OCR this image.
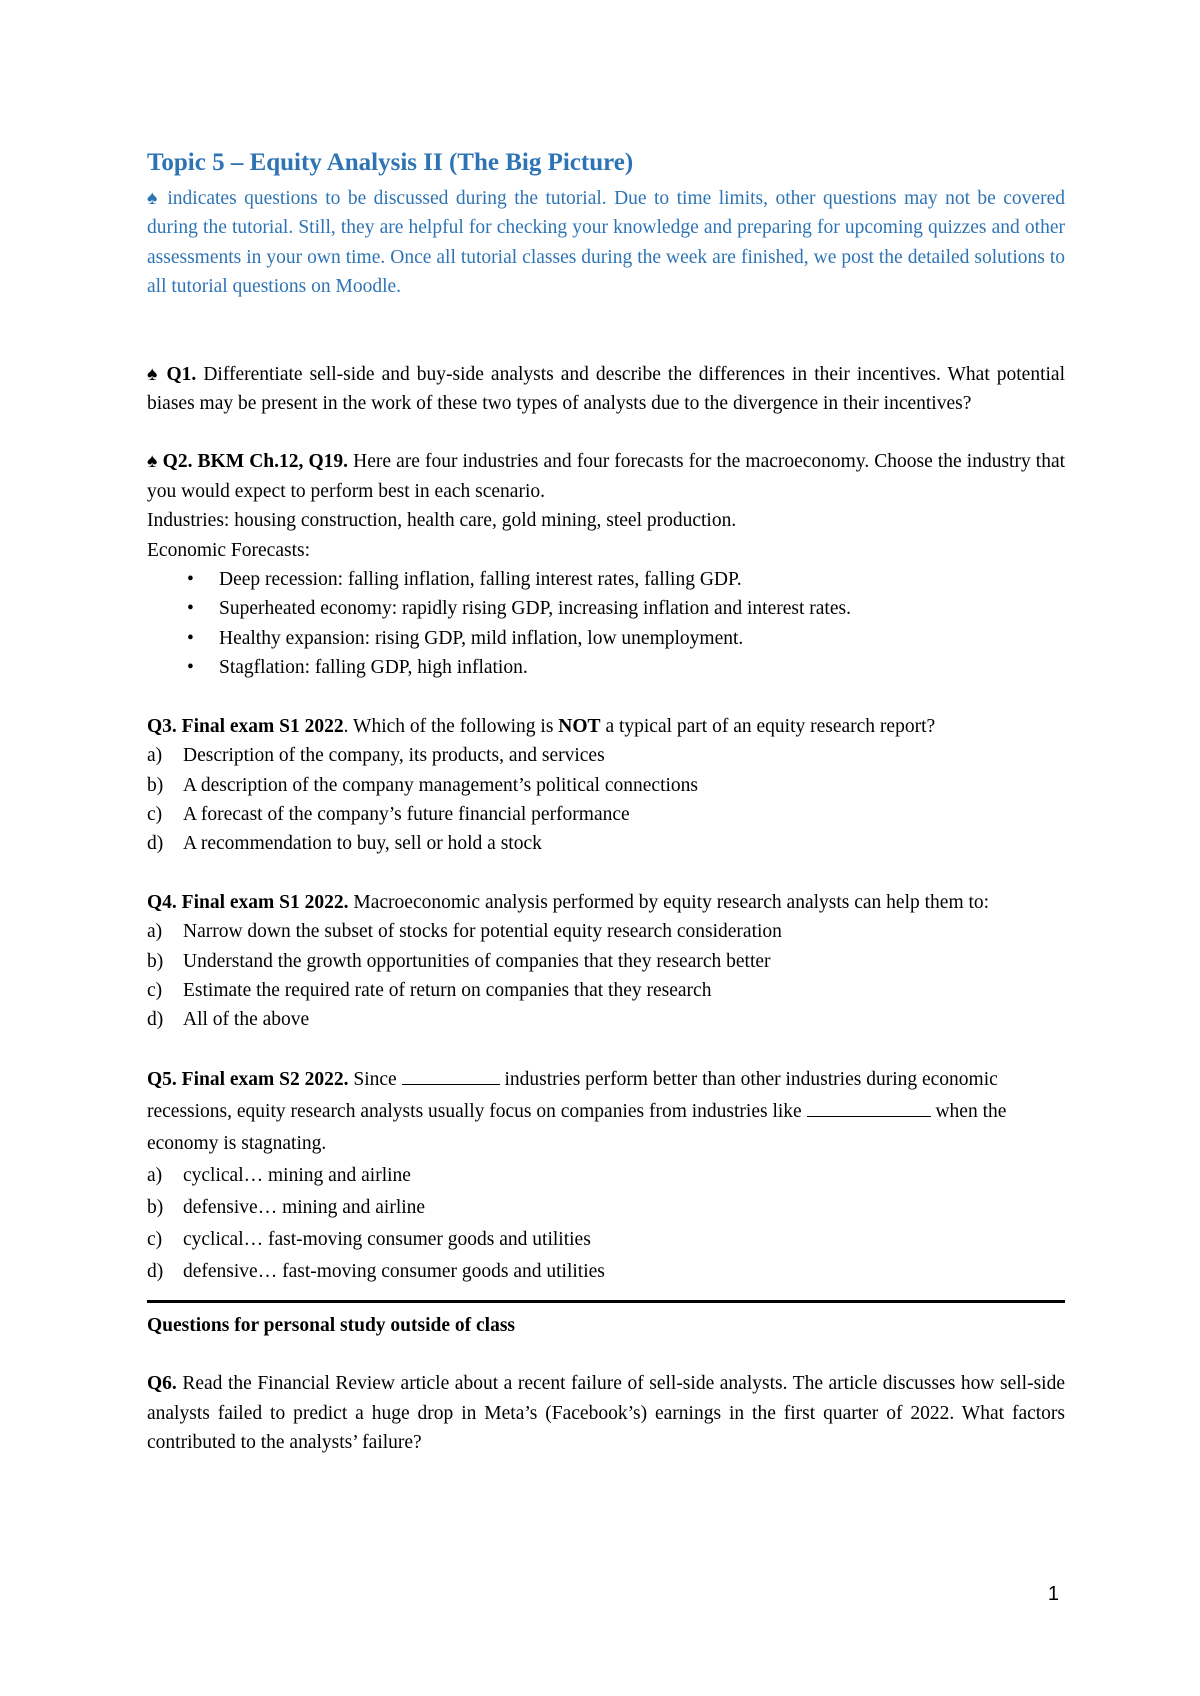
Topic 5 – Equity Analysis II (The Big Picture)

♠ indicates questions to be discussed during the tutorial. Due to time limits, other questions may not be covered during the tutorial. Still, they are helpful for checking your knowledge and preparing for upcoming quizzes and other assessments in your own time. Once all tutorial classes during the week are finished, we post the detailed solutions to all tutorial questions on Moodle.

♠ Q1. Differentiate sell-side and buy-side analysts and describe the differences in their incentives. What potential biases may be present in the work of these two types of analysts due to the divergence in their incentives?

♠ Q2. BKM Ch.12, Q19. Here are four industries and four forecasts for the macroeconomy. Choose the industry that you would expect to perform best in each scenario.

Industries: housing construction, health care, gold mining, steel production.

Economic Forecasts:

• Deep recession: falling inflation, falling interest rates, falling GDP.
• Superheated economy: rapidly rising GDP, increasing inflation and interest rates.
• Healthy expansion: rising GDP, mild inflation, low unemployment.
• Stagflation: falling GDP, high inflation.

Q3. Final exam S1 2022. Which of the following is NOT a typical part of an equity research report?

a) Description of the company, its products, and services
b) A description of the company management’s political connections
c) A forecast of the company’s future financial performance
d) A recommendation to buy, sell or hold a stock

Q4. Final exam S1 2022. Macroeconomic analysis performed by equity research analysts can help them to:

a) Narrow down the subset of stocks for potential equity research consideration
b) Understand the growth opportunities of companies that they research better
c) Estimate the required rate of return on companies that they research
d) All of the above

Q5. Final exam S2 2022. Since	industries perform better than other industries during economic recessions, equity research analysts usually focus on companies from industries like	when the economy is stagnating.

a) cyclical… mining and airline
b) defensive… mining and airline
c) cyclical… fast-moving consumer goods and utilities
d) defensive… fast-moving consumer goods and utilities

Questions for personal study outside of class

Q6. Read the Financial Review article about a recent failure of sell-side analysts. The article discusses how sell-side analysts failed to predict a huge drop in Meta’s (Facebook’s) earnings in the first quarter of 2022. What factors contributed to the analysts’ failure?

1
